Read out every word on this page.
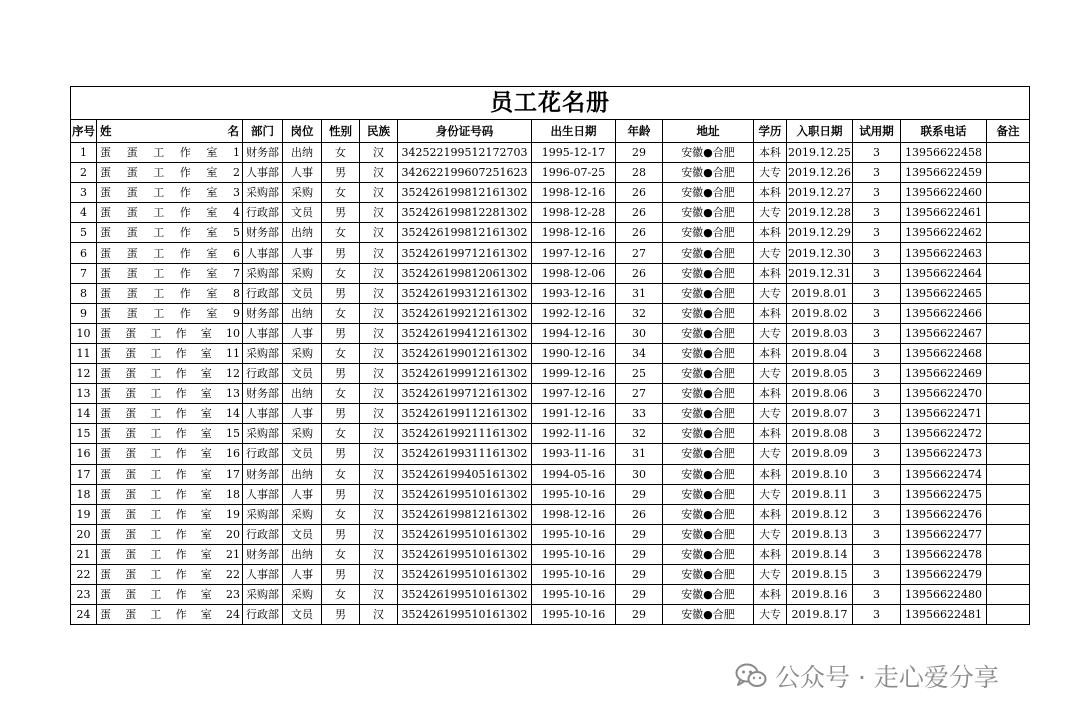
员工花名册														
序号	姓 名	部门	岗位	性别	民族	身份证号码	出生日期	年龄	地址	学历	入职日期	试用期	联系电话	备注
1	蛋 蛋 工 作 室 1	财务部	出纳	女	汉	342522199512172703	1995-12-17	29	安徽●合肥	本科	2019.12.25	3	13956622458	
2	蛋 蛋 工 作 室 2	人事部	人事	男	汉	342622199607251623	1996-07-25	28	安徽●合肥	大专	2019.12.26	3	13956622459	
3	蛋 蛋 工 作 室 3	采购部	采购	女	汉	352426199812161302	1998-12-16	26	安徽●合肥	本科	2019.12.27	3	13956622460	
4	蛋 蛋 工 作 室 4	行政部	文员	男	汉	352426199812281302	1998-12-28	26	安徽●合肥	大专	2019.12.28	3	13956622461	
5	蛋 蛋 工 作 室 5	财务部	出纳	女	汉	352426199812161302	1998-12-16	26	安徽●合肥	本科	2019.12.29	3	13956622462	
6	蛋 蛋 工 作 室 6	人事部	人事	男	汉	352426199712161302	1997-12-16	27	安徽●合肥	大专	2019.12.30	3	13956622463	
7	蛋 蛋 工 作 室 7	采购部	采购	女	汉	352426199812061302	1998-12-06	26	安徽●合肥	本科	2019.12.31	3	13956622464	
8	蛋 蛋 工 作 室 8	行政部	文员	男	汉	352426199312161302	1993-12-16	31	安徽●合肥	大专	2019.8.01	3	13956622465	
9	蛋 蛋 工 作 室 9	财务部	出纳	女	汉	352426199212161302	1992-12-16	32	安徽●合肥	本科	2019.8.02	3	13956622466	
10	蛋 蛋 工 作 室 10	人事部	人事	男	汉	352426199412161302	1994-12-16	30	安徽●合肥	大专	2019.8.03	3	13956622467	
11	蛋 蛋 工 作 室 11	采购部	采购	女	汉	352426199012161302	1990-12-16	34	安徽●合肥	本科	2019.8.04	3	13956622468	
12	蛋 蛋 工 作 室 12	行政部	文员	男	汉	352426199912161302	1999-12-16	25	安徽●合肥	大专	2019.8.05	3	13956622469	
13	蛋 蛋 工 作 室 13	财务部	出纳	女	汉	352426199712161302	1997-12-16	27	安徽●合肥	本科	2019.8.06	3	13956622470	
14	蛋 蛋 工 作 室 14	人事部	人事	男	汉	352426199112161302	1991-12-16	33	安徽●合肥	大专	2019.8.07	3	13956622471	
15	蛋 蛋 工 作 室 15	采购部	采购	女	汉	352426199211161302	1992-11-16	32	安徽●合肥	本科	2019.8.08	3	13956622472	
16	蛋 蛋 工 作 室 16	行政部	文员	男	汉	352426199311161302	1993-11-16	31	安徽●合肥	大专	2019.8.09	3	13956622473	
17	蛋 蛋 工 作 室 17	财务部	出纳	女	汉	352426199405161302	1994-05-16	30	安徽●合肥	本科	2019.8.10	3	13956622474	
18	蛋 蛋 工 作 室 18	人事部	人事	男	汉	352426199510161302	1995-10-16	29	安徽●合肥	大专	2019.8.11	3	13956622475	
19	蛋 蛋 工 作 室 19	采购部	采购	女	汉	352426199812161302	1998-12-16	26	安徽●合肥	本科	2019.8.12	3	13956622476	
20	蛋 蛋 工 作 室 20	行政部	文员	男	汉	352426199510161302	1995-10-16	29	安徽●合肥	大专	2019.8.13	3	13956622477	
21	蛋 蛋 工 作 室 21	财务部	出纳	女	汉	352426199510161302	1995-10-16	29	安徽●合肥	本科	2019.8.14	3	13956622478	
22	蛋 蛋 工 作 室 22	人事部	人事	男	汉	352426199510161302	1995-10-16	29	安徽●合肥	大专	2019.8.15	3	13956622479	
23	蛋 蛋 工 作 室 23	采购部	采购	女	汉	352426199510161302	1995-10-16	29	安徽●合肥	本科	2019.8.16	3	13956622480	
24	蛋 蛋 工 作 室 24	行政部	文员	男	汉	352426199510161302	1995-10-16	29	安徽●合肥	大专	2019.8.17	3	13956622481	
公众号 · 走心爱分享
